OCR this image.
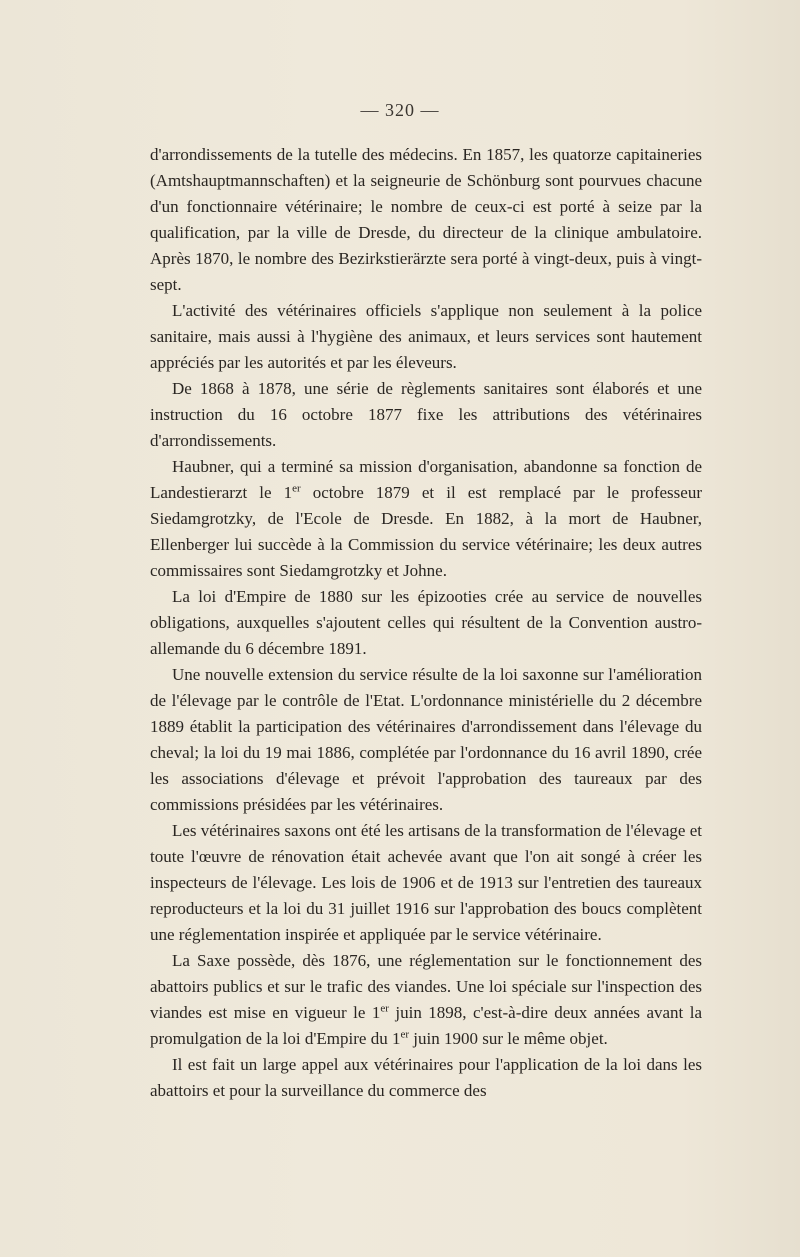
— 320 —

d'arrondissements de la tutelle des médecins. En 1857, les quatorze capitaineries (Amtshauptmannschaften) et la seigneurie de Schönburg sont pourvues chacune d'un fonctionnaire vétérinaire; le nombre de ceux-ci est porté à seize par la qualification, par la ville de Dresde, du directeur de la clinique ambulatoire. Après 1870, le nombre des Bezirkstierärzte sera porté à vingt-deux, puis à vingt-sept.

L'activité des vétérinaires officiels s'applique non seulement à la police sanitaire, mais aussi à l'hygiène des animaux, et leurs services sont hautement appréciés par les autorités et par les éleveurs.

De 1868 à 1878, une série de règlements sanitaires sont élaborés et une instruction du 16 octobre 1877 fixe les attributions des vétérinaires d'arrondissements.

Haubner, qui a terminé sa mission d'organisation, abandonne sa fonction de Landestierarzt le 1er octobre 1879 et il est remplacé par le professeur Siedamgrotzky, de l'Ecole de Dresde. En 1882, à la mort de Haubner, Ellenberger lui succède à la Commission du service vétérinaire; les deux autres commissaires sont Siedamgrotzky et Johne.

La loi d'Empire de 1880 sur les épizooties crée au service de nouvelles obligations, auxquelles s'ajoutent celles qui résultent de la Convention austro-allemande du 6 décembre 1891.

Une nouvelle extension du service résulte de la loi saxonne sur l'amélioration de l'élevage par le contrôle de l'Etat. L'ordonnance ministérielle du 2 décembre 1889 établit la participation des vétérinaires d'arrondissement dans l'élevage du cheval; la loi du 19 mai 1886, complétée par l'ordonnance du 16 avril 1890, crée les associations d'élevage et prévoit l'approbation des taureaux par des commissions présidées par les vétérinaires.

Les vétérinaires saxons ont été les artisans de la transformation de l'élevage et toute l'œuvre de rénovation était achevée avant que l'on ait songé à créer les inspecteurs de l'élevage. Les lois de 1906 et de 1913 sur l'entretien des taureaux reproducteurs et la loi du 31 juillet 1916 sur l'approbation des boucs complètent une réglementation inspirée et appliquée par le service vétérinaire.

La Saxe possède, dès 1876, une réglementation sur le fonctionnement des abattoirs publics et sur le trafic des viandes. Une loi spéciale sur l'inspection des viandes est mise en vigueur le 1er juin 1898, c'est-à-dire deux années avant la promulgation de la loi d'Empire du 1er juin 1900 sur le même objet.

Il est fait un large appel aux vétérinaires pour l'application de la loi dans les abattoirs et pour la surveillance du commerce des
